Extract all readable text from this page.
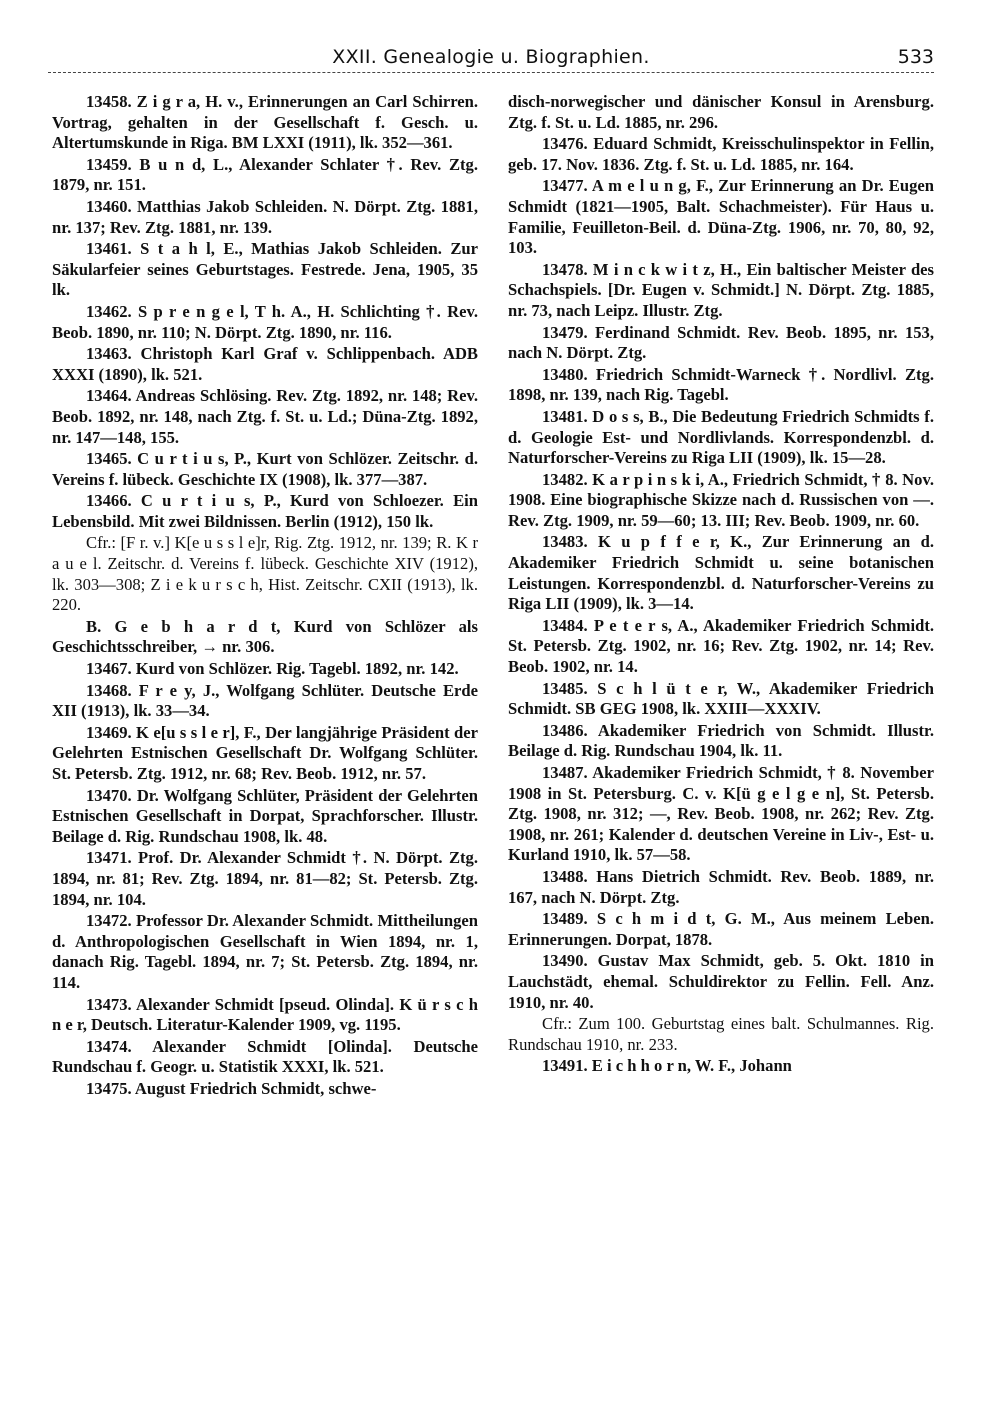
XXII. Genealogie u. Biographien.	533

13458. Z i g r a, H. v., Erinnerungen an Carl Schirren. Vortrag, gehalten in der Gesellschaft f. Gesch. u. Altertumskunde in Riga. BM LXXI (1911), lk. 352—361.

13459. B u n d, L., Alexander Schlater †. Rev. Ztg. 1879, nr. 151.

13460. Matthias Jakob Schleiden. N. Dörpt. Ztg. 1881, nr. 137; Rev. Ztg. 1881, nr. 139.

13461. S t a h l, E., Mathias Jakob Schleiden. Zur Säkularfeier seines Geburtstages. Festrede. Jena, 1905, 35 lk.

13462. S p r e n g e l, T h. A., H. Schlichting †. Rev. Beob. 1890, nr. 110; N. Dörpt. Ztg. 1890, nr. 116.

13463. Christoph Karl Graf v. Schlippenbach. ADB XXXI (1890), lk. 521.

13464. Andreas Schlösing. Rev. Ztg. 1892, nr. 148; Rev. Beob. 1892, nr. 148, nach Ztg. f. St. u. Ld.; Düna-Ztg. 1892, nr. 147—148, 155.

13465. C u r t i u s, P., Kurt von Schlözer. Zeitschr. d. Vereins f. lübeck. Geschichte IX (1908), lk. 377—387.

13466. C u r t i u s, P., Kurd von Schloezer. Ein Lebensbild. Mit zwei Bildnissen. Berlin (1912), 150 lk.

Cfr.: [F r. v.] K[e u s s l e]r, Rig. Ztg. 1912, nr. 139; R. K r a u e l. Zeitschr. d. Vereins f. lübeck. Geschichte XIV (1912), lk. 303—308; Z i e k u r s c h, Hist. Zeitschr. CXII (1913), lk. 220.

B. G e b h a r d t, Kurd von Schlözer als Geschichtsschreiber, → nr. 306.

13467. Kurd von Schlözer. Rig. Tagebl. 1892, nr. 142.

13468. F r e y, J., Wolfgang Schlüter. Deutsche Erde XII (1913), lk. 33—34.

13469. K e[u s s l e r], F., Der langjährige Präsident der Gelehrten Estnischen Gesellschaft Dr. Wolfgang Schlüter. St. Petersb. Ztg. 1912, nr. 68; Rev. Beob. 1912, nr. 57.

13470. Dr. Wolfgang Schlüter, Präsident der Gelehrten Estnischen Gesellschaft in Dorpat, Sprachforscher. Illustr. Beilage d. Rig. Rundschau 1908, lk. 48.

13471. Prof. Dr. Alexander Schmidt †. N. Dörpt. Ztg. 1894, nr. 81; Rev. Ztg. 1894, nr. 81—82; St. Petersb. Ztg. 1894, nr. 104.

13472. Professor Dr. Alexander Schmidt. Mittheilungen d. Anthropologischen Gesellschaft in Wien 1894, nr. 1, danach Rig. Tagebl. 1894, nr. 7; St. Petersb. Ztg. 1894, nr. 114.

13473. Alexander Schmidt [pseud. Olinda]. K ü r s c h n e r, Deutsch. Literatur-Kalender 1909, vg. 1195.

13474. Alexander Schmidt [Olinda]. Deutsche Rundschau f. Geogr. u. Statistik XXXI, lk. 521.

13475. August Friedrich Schmidt, schwe-

disch-norwegischer und dänischer Konsul in Arensburg. Ztg. f. St. u. Ld. 1885, nr. 296.

13476. Eduard Schmidt, Kreisschulinspektor in Fellin, geb. 17. Nov. 1836. Ztg. f. St. u. Ld. 1885, nr. 164.

13477. A m e l u n g, F., Zur Erinnerung an Dr. Eugen Schmidt (1821—1905, Balt. Schachmeister). Für Haus u. Familie, Feuilleton-Beil. d. Düna-Ztg. 1906, nr. 70, 80, 92, 103.

13478. M i n c k w i t z, H., Ein baltischer Meister des Schachspiels. [Dr. Eugen v. Schmidt.] N. Dörpt. Ztg. 1885, nr. 73, nach Leipz. Illustr. Ztg.

13479. Ferdinand Schmidt. Rev. Beob. 1895, nr. 153, nach N. Dörpt. Ztg.

13480. Friedrich Schmidt-Warneck †. Nordlivl. Ztg. 1898, nr. 139, nach Rig. Tagebl.

13481. D o s s, B., Die Bedeutung Friedrich Schmidts f. d. Geologie Est- und Nordlivlands. Korrespondenzbl. d. Naturforscher-Vereins zu Riga LII (1909), lk. 15—28.

13482. K a r p i n s k i, A., Friedrich Schmidt, † 8. Nov. 1908. Eine biographische Skizze nach d. Russischen von —. Rev. Ztg. 1909, nr. 59—60; 13. III; Rev. Beob. 1909, nr. 60.

13483. K u p f f e r, K., Zur Erinnerung an d. Akademiker Friedrich Schmidt u. seine botanischen Leistungen. Korrespondenzbl. d. Naturforscher-Vereins zu Riga LII (1909), lk. 3—14.

13484. P e t e r s, A., Akademiker Friedrich Schmidt. St. Petersb. Ztg. 1902, nr. 16; Rev. Ztg. 1902, nr. 14; Rev. Beob. 1902, nr. 14.

13485. S c h l ü t e r, W., Akademiker Friedrich Schmidt. SB GEG 1908, lk. XXIII—XXXIV.

13486. Akademiker Friedrich von Schmidt. Illustr. Beilage d. Rig. Rundschau 1904, lk. 11.

13487. Akademiker Friedrich Schmidt, † 8. November 1908 in St. Petersburg. C. v. K[ü g e l g e n], St. Petersb. Ztg. 1908, nr. 312; —, Rev. Beob. 1908, nr. 262; Rev. Ztg. 1908, nr. 261; Kalender d. deutschen Vereine in Liv-, Est- u. Kurland 1910, lk. 57—58.

13488. Hans Dietrich Schmidt. Rev. Beob. 1889, nr. 167, nach N. Dörpt. Ztg.

13489. S c h m i d t, G. M., Aus meinem Leben. Erinnerungen. Dorpat, 1878.

13490. Gustav Max Schmidt, geb. 5. Okt. 1810 in Lauchstädt, ehemal. Schuldirektor zu Fellin. Fell. Anz. 1910, nr. 40.

Cfr.: Zum 100. Geburtstag eines balt. Schulmannes. Rig. Rundschau 1910, nr. 233.

13491. E i c h h o r n, W. F., Johann
